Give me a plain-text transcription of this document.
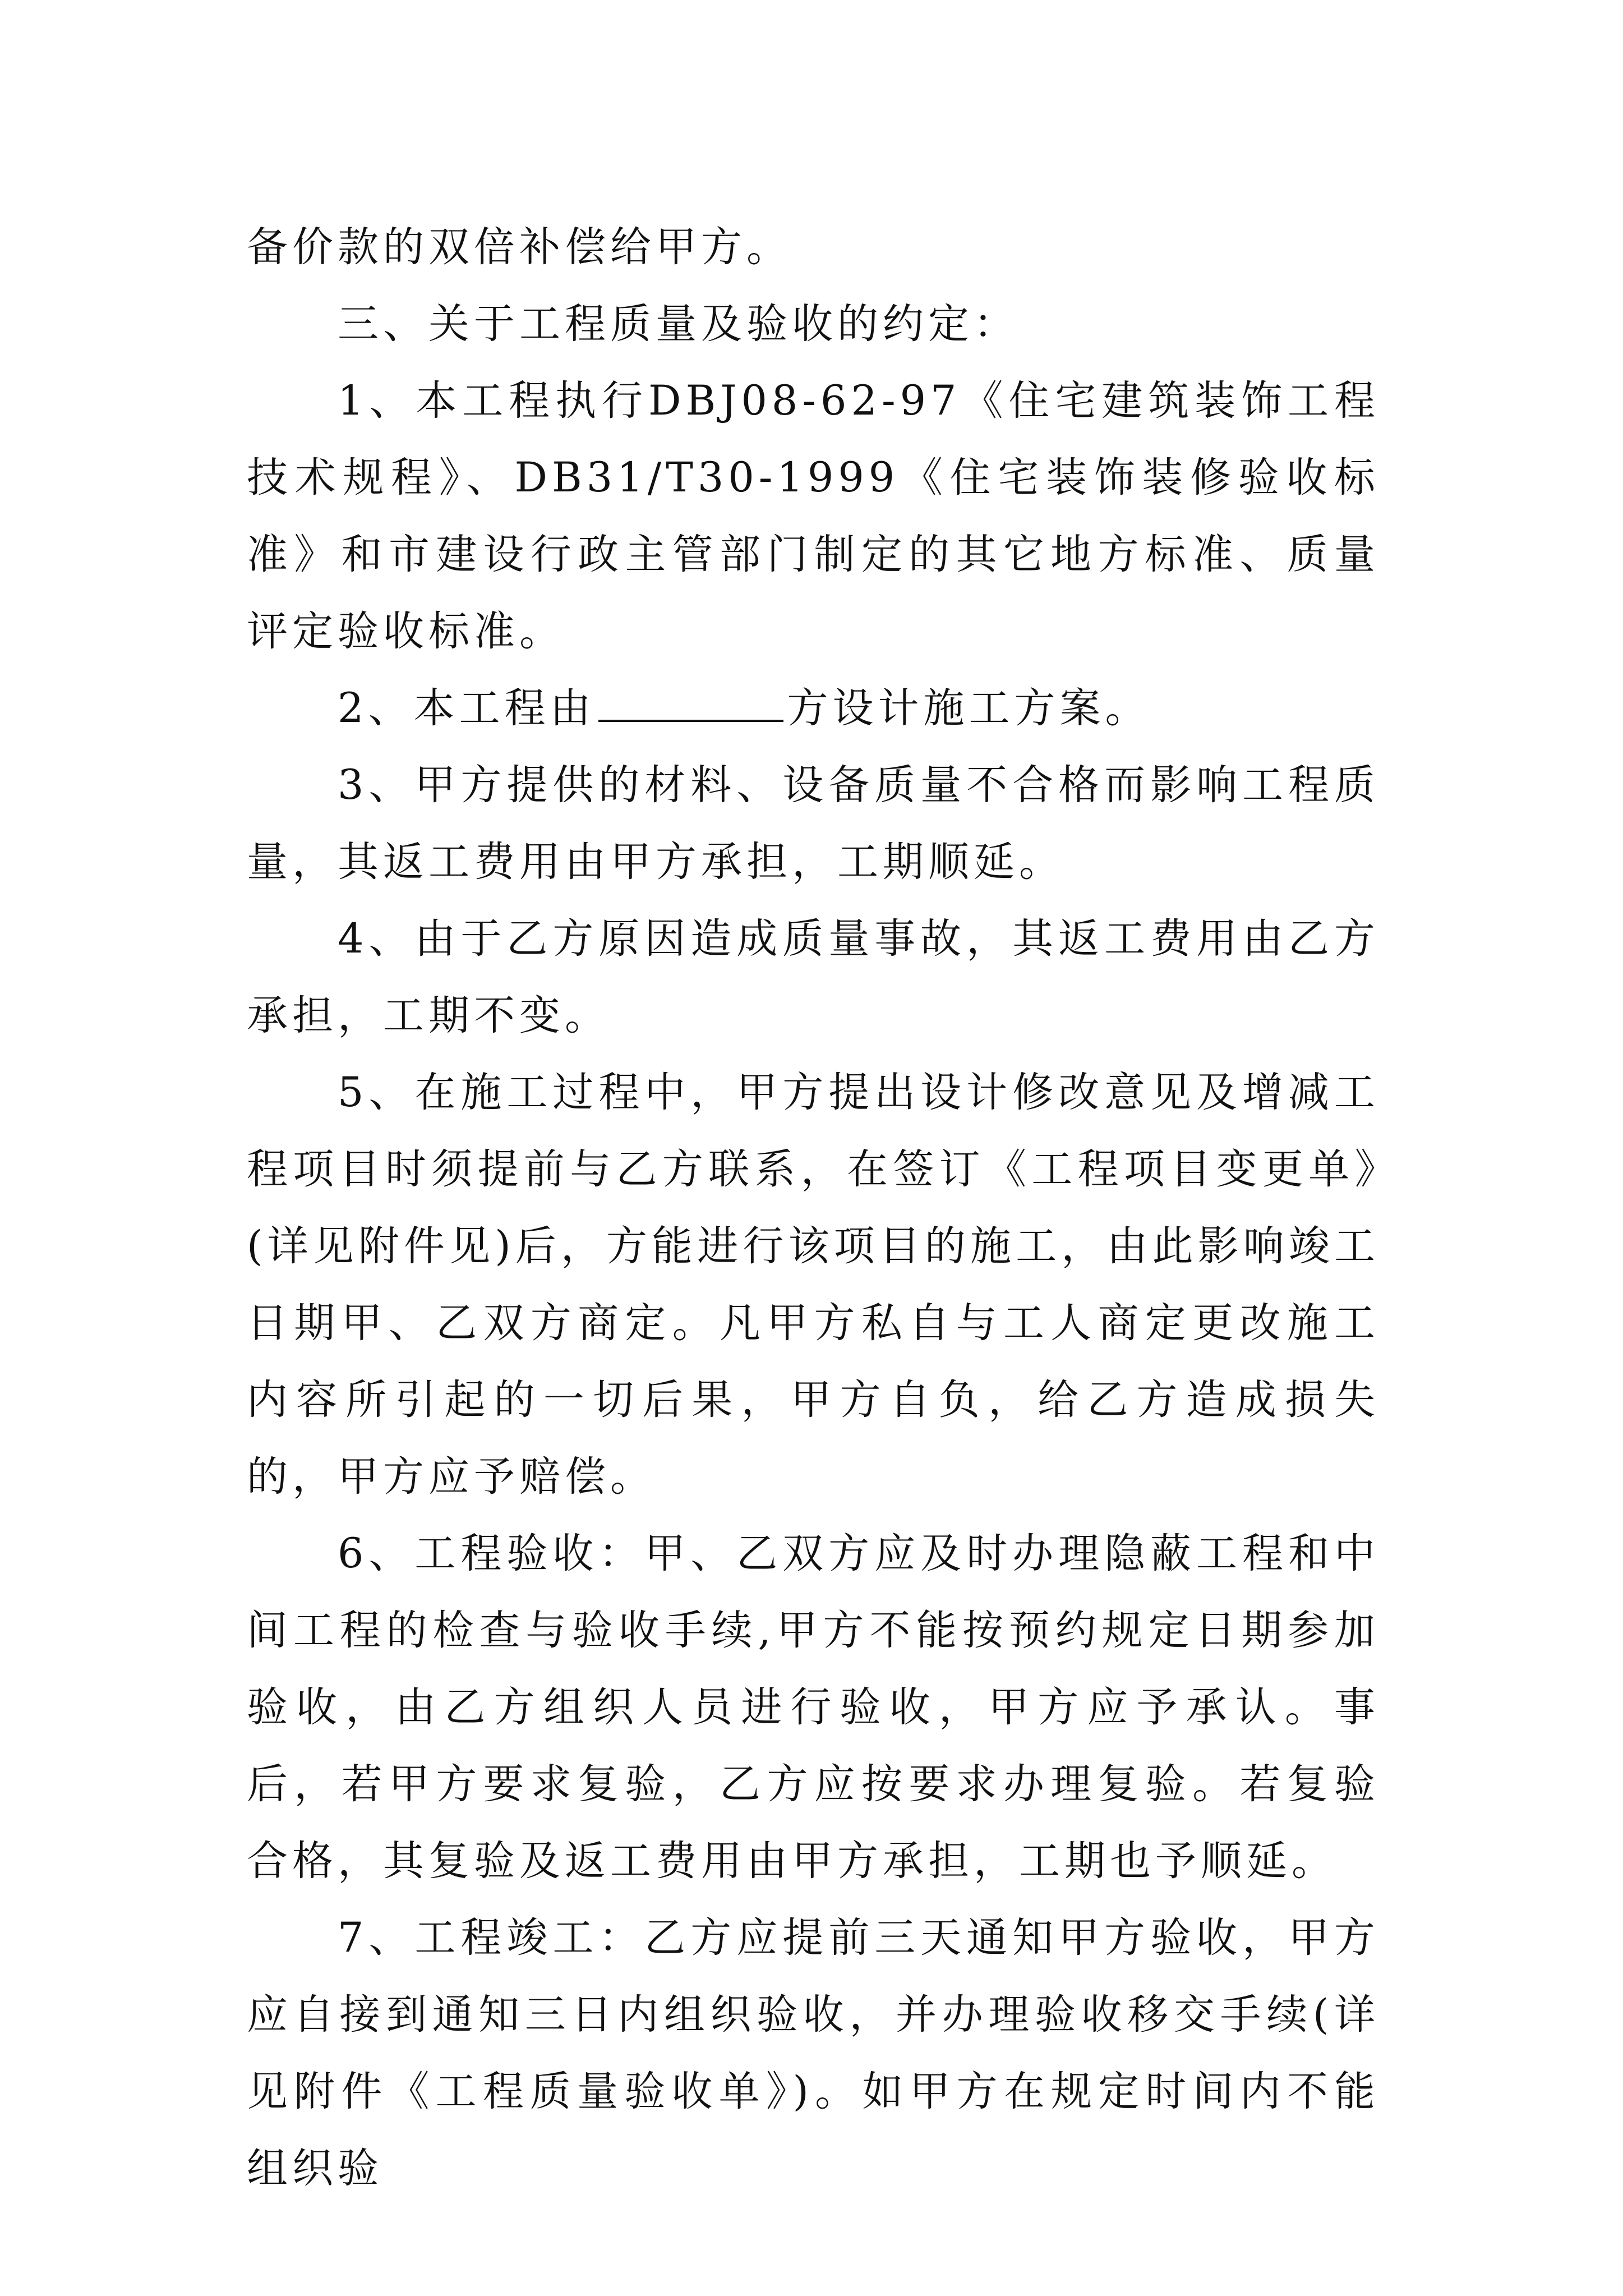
备价款的双倍补偿给甲方。

三、关于工程质量及验收的约定：

1、本工程执行DBJ08-62-97《住宅建筑装饰工程技术规程》、DB31/T30-1999《住宅装饰装修验收标准》和市建设行政主管部门制定的其它地方标准、质量评定验收标准。

2、本工程由	方设计施工方案。

3、甲方提供的材料、设备质量不合格而影响工程质量，其返工费用由甲方承担，工期顺延。

4、由于乙方原因造成质量事故，其返工费用由乙方承担，工期不变。

5、在施工过程中，甲方提出设计修改意见及增减工程项目时须提前与乙方联系，在签订《工程项目变更单》(详见附件见)后，方能进行该项目的施工，由此影响竣工日期甲、乙双方商定。凡甲方私自与工人商定更改施工内容所引起的一切后果，甲方自负，给乙方造成损失的，甲方应予赔偿。

6、工程验收：甲、乙双方应及时办理隐蔽工程和中间工程的检查与验收手续,甲方不能按预约规定日期参加验收，由乙方组织人员进行验收，甲方应予承认。事后，若甲方要求复验，乙方应按要求办理复验。若复验合格，其复验及返工费用由甲方承担，工期也予顺延。

7、工程竣工：乙方应提前三天通知甲方验收，甲方应自接到通知三日内组织验收，并办理验收移交手续(详见附件《工程质量验收单》)。如甲方在规定时间内不能组织验
